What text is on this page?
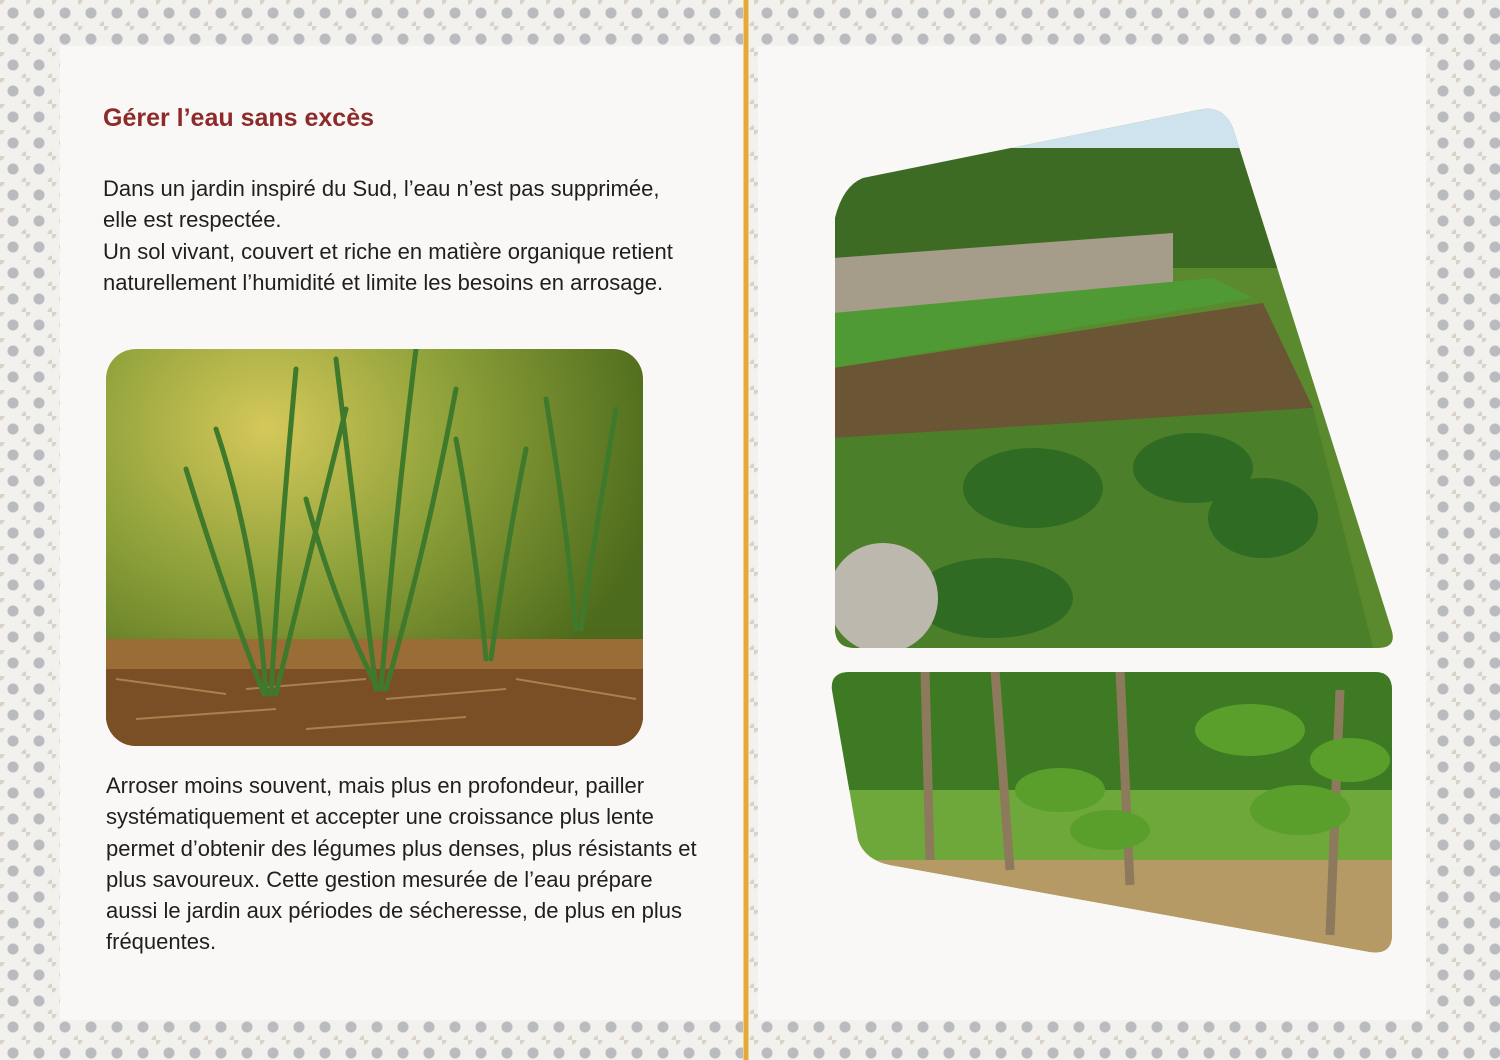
Gérer l’eau sans excès

Dans un jardin inspiré du Sud, l’eau n’est pas supprimée, elle est respectée.
Un sol vivant, couvert et riche en matière organique retient naturellement l’humidité et limite les besoins en arrosage.

Arroser moins souvent, mais plus en profondeur, pailler systématiquement et accepter une croissance plus lente permet d’obtenir des légumes plus denses, plus résistants et plus savoureux. Cette gestion mesurée de l’eau prépare aussi le jardin aux périodes de sécheresse, de plus en plus fréquentes.
